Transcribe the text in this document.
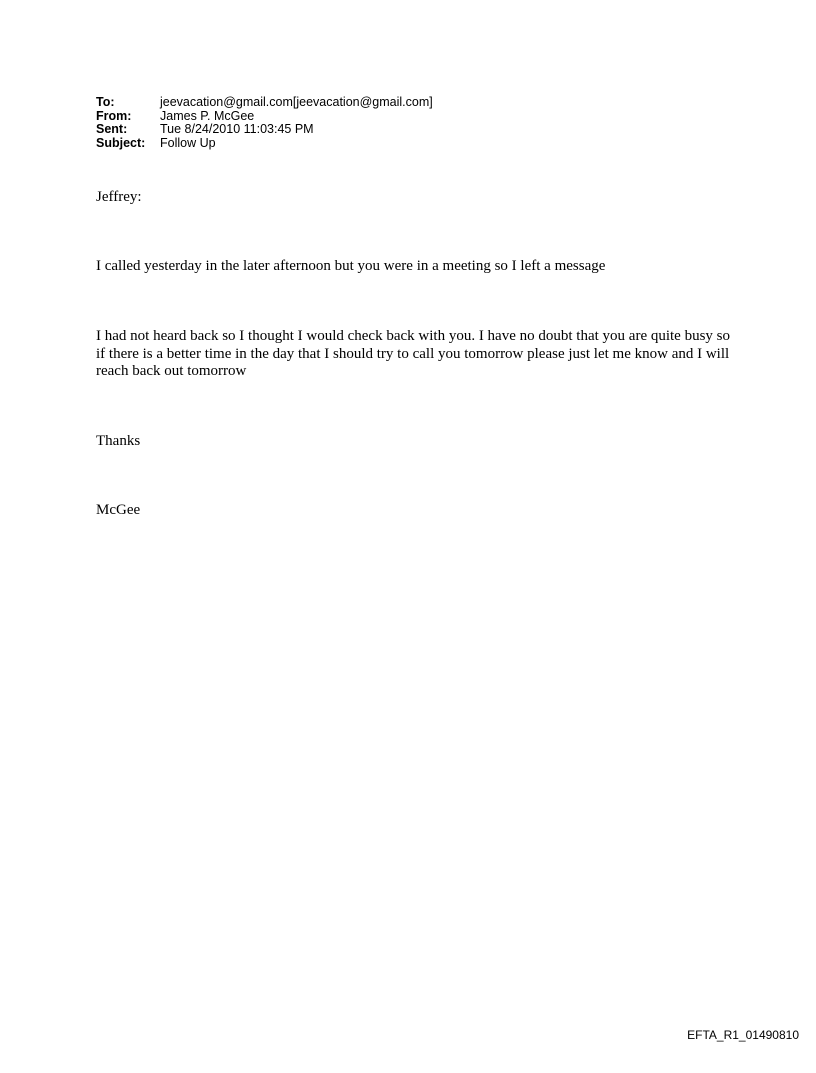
To:	jeevacation@gmail.com[jeevacation@gmail.com]
From:	James P. McGee
Sent:	Tue 8/24/2010 11:03:45 PM
Subject:	Follow Up

Jeffrey:

I called yesterday in the later afternoon but you were in a meeting so I left a message

I had not heard back so I thought I would check back with you. I have no doubt that you are quite busy so if there is a better time in the day that I should try to call you tomorrow please just let me know and I will reach back out tomorrow

Thanks

McGee

EFTA_R1_01490810
